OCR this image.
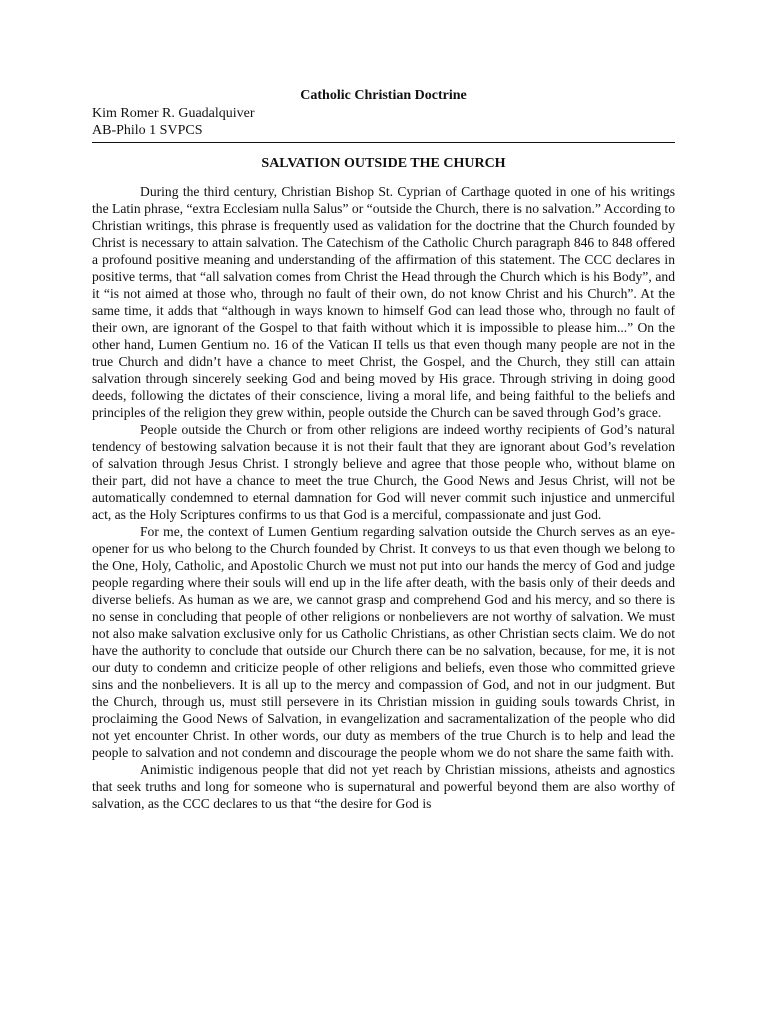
Catholic Christian Doctrine
Kim Romer R. Guadalquiver
AB-Philo 1 SVPCS
SALVATION OUTSIDE THE CHURCH

During the third century, Christian Bishop St. Cyprian of Carthage quoted in one of his writings the Latin phrase, “extra Ecclesiam nulla Salus” or “outside the Church, there is no salvation.” According to Christian writings, this phrase is frequently used as validation for the doctrine that the Church founded by Christ is necessary to attain salvation. The Catechism of the Catholic Church paragraph 846 to 848 offered a profound positive meaning and understanding of the affirmation of this statement. The CCC declares in positive terms, that “all salvation comes from Christ the Head through the Church which is his Body”, and it “is not aimed at those who, through no fault of their own, do not know Christ and his Church”. At the same time, it adds that “although in ways known to himself God can lead those who, through no fault of their own, are ignorant of the Gospel to that faith without which it is impossible to please him...” On the other hand, Lumen Gentium no. 16 of the Vatican II tells us that even though many people are not in the true Church and didn’t have a chance to meet Christ, the Gospel, and the Church, they still can attain salvation through sincerely seeking God and being moved by His grace. Through striving in doing good deeds, following the dictates of their conscience, living a moral life, and being faithful to the beliefs and principles of the religion they grew within, people outside the Church can be saved through God’s grace.

People outside the Church or from other religions are indeed worthy recipients of God’s natural tendency of bestowing salvation because it is not their fault that they are ignorant about God’s revelation of salvation through Jesus Christ. I strongly believe and agree that those people who, without blame on their part, did not have a chance to meet the true Church, the Good News and Jesus Christ, will not be automatically condemned to eternal damnation for God will never commit such injustice and unmerciful act, as the Holy Scriptures confirms to us that God is a merciful, compassionate and just God.

For me, the context of Lumen Gentium regarding salvation outside the Church serves as an eye-opener for us who belong to the Church founded by Christ. It conveys to us that even though we belong to the One, Holy, Catholic, and Apostolic Church we must not put into our hands the mercy of God and judge people regarding where their souls will end up in the life after death, with the basis only of their deeds and diverse beliefs. As human as we are, we cannot grasp and comprehend God and his mercy, and so there is no sense in concluding that people of other religions or nonbelievers are not worthy of salvation. We must not also make salvation exclusive only for us Catholic Christians, as other Christian sects claim. We do not have the authority to conclude that outside our Church there can be no salvation, because, for me, it is not our duty to condemn and criticize people of other religions and beliefs, even those who committed grieve sins and the nonbelievers. It is all up to the mercy and compassion of God, and not in our judgment. But the Church, through us, must still persevere in its Christian mission in guiding souls towards Christ, in proclaiming the Good News of Salvation, in evangelization and sacramentalization of the people who did not yet encounter Christ. In other words, our duty as members of the true Church is to help and lead the people to salvation and not condemn and discourage the people whom we do not share the same faith with.

Animistic indigenous people that did not yet reach by Christian missions, atheists and agnostics that seek truths and long for someone who is supernatural and powerful beyond them are also worthy of salvation, as the CCC declares to us that “the desire for God is
